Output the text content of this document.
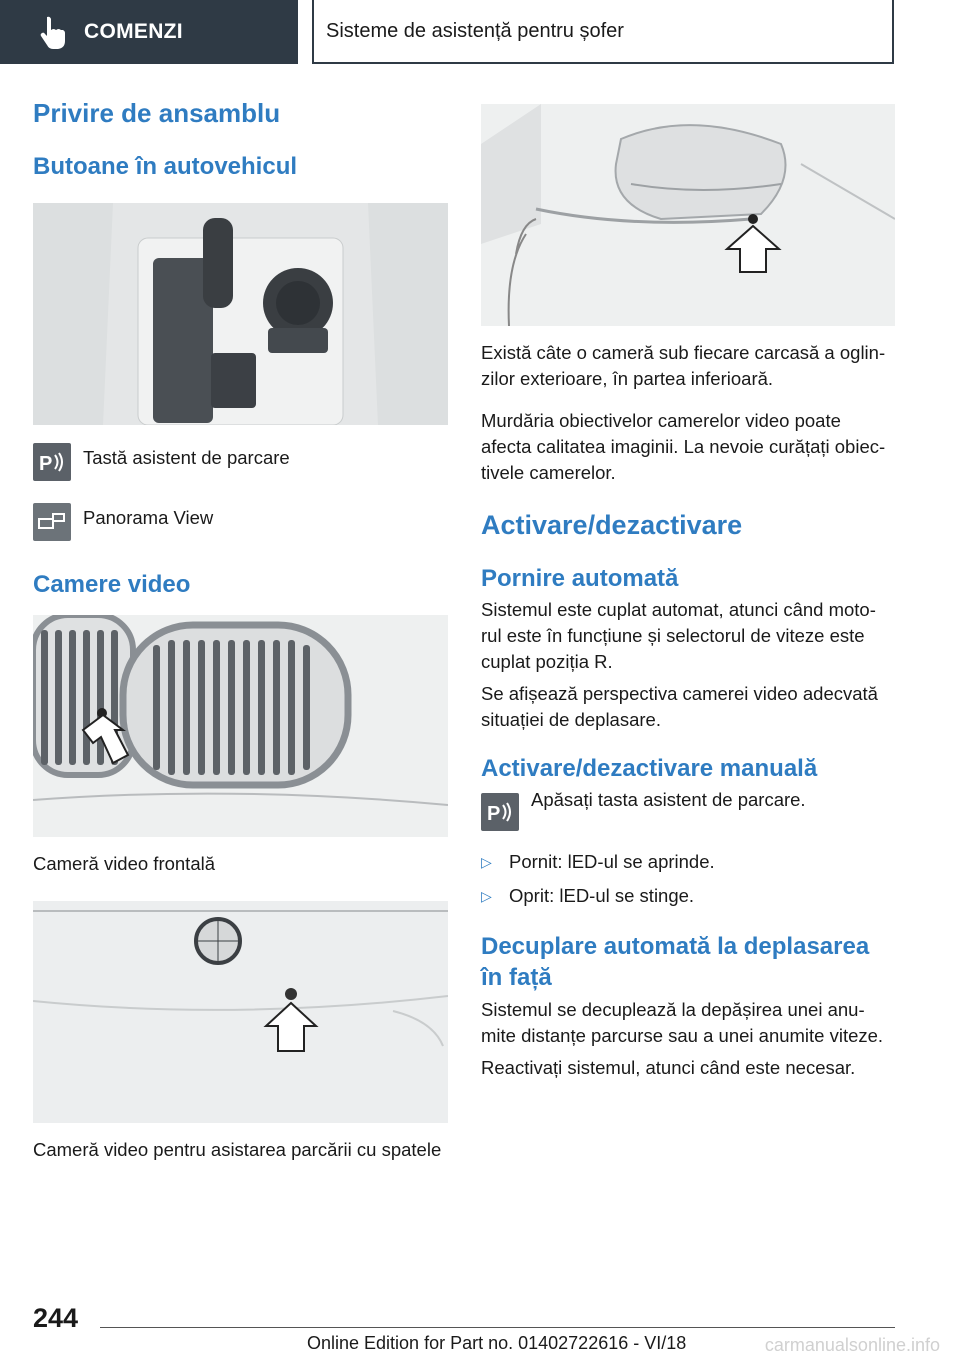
COMENZI	Sisteme de asistență pentru șofer
Privire de ansamblu
Butoane în autovehicul
P Tastă asistent de parcare

Panorama View

Camere video

Cameră video frontală

Cameră video pentru asistarea parcării cu spatele

Există câte o cameră sub fiecare carcasă a oglin-zilor exterioare, în partea inferioară.

Murdăria obiectivelor camerelor video poate afecta calitatea imaginii. La nevoie curățați obiec-tivele camerelor.

Activare/dezactivare
Pornire automată

Sistemul este cuplat automat, atunci când moto-rul este în funcțiune și selectorul de viteze este cuplat poziția R.

Se afișează perspectiva camerei video adecvată situației de deplasare.

Activare/dezactivare manuală
P

Apăsați tasta asistent de parcare.

▷ Pornit: lED-ul se aprinde.
▷ Oprit: lED-ul se stinge.
Decuplare automată la deplasarea în față

Sistemul se decuplează la depășirea unei anu-mite distanțe parcurse sau a unei anumite viteze.

Reactivați sistemul, atunci când este necesar.

244
Online Edition for Part no. 01402722616 - VI/18	carmanualsonline.info
